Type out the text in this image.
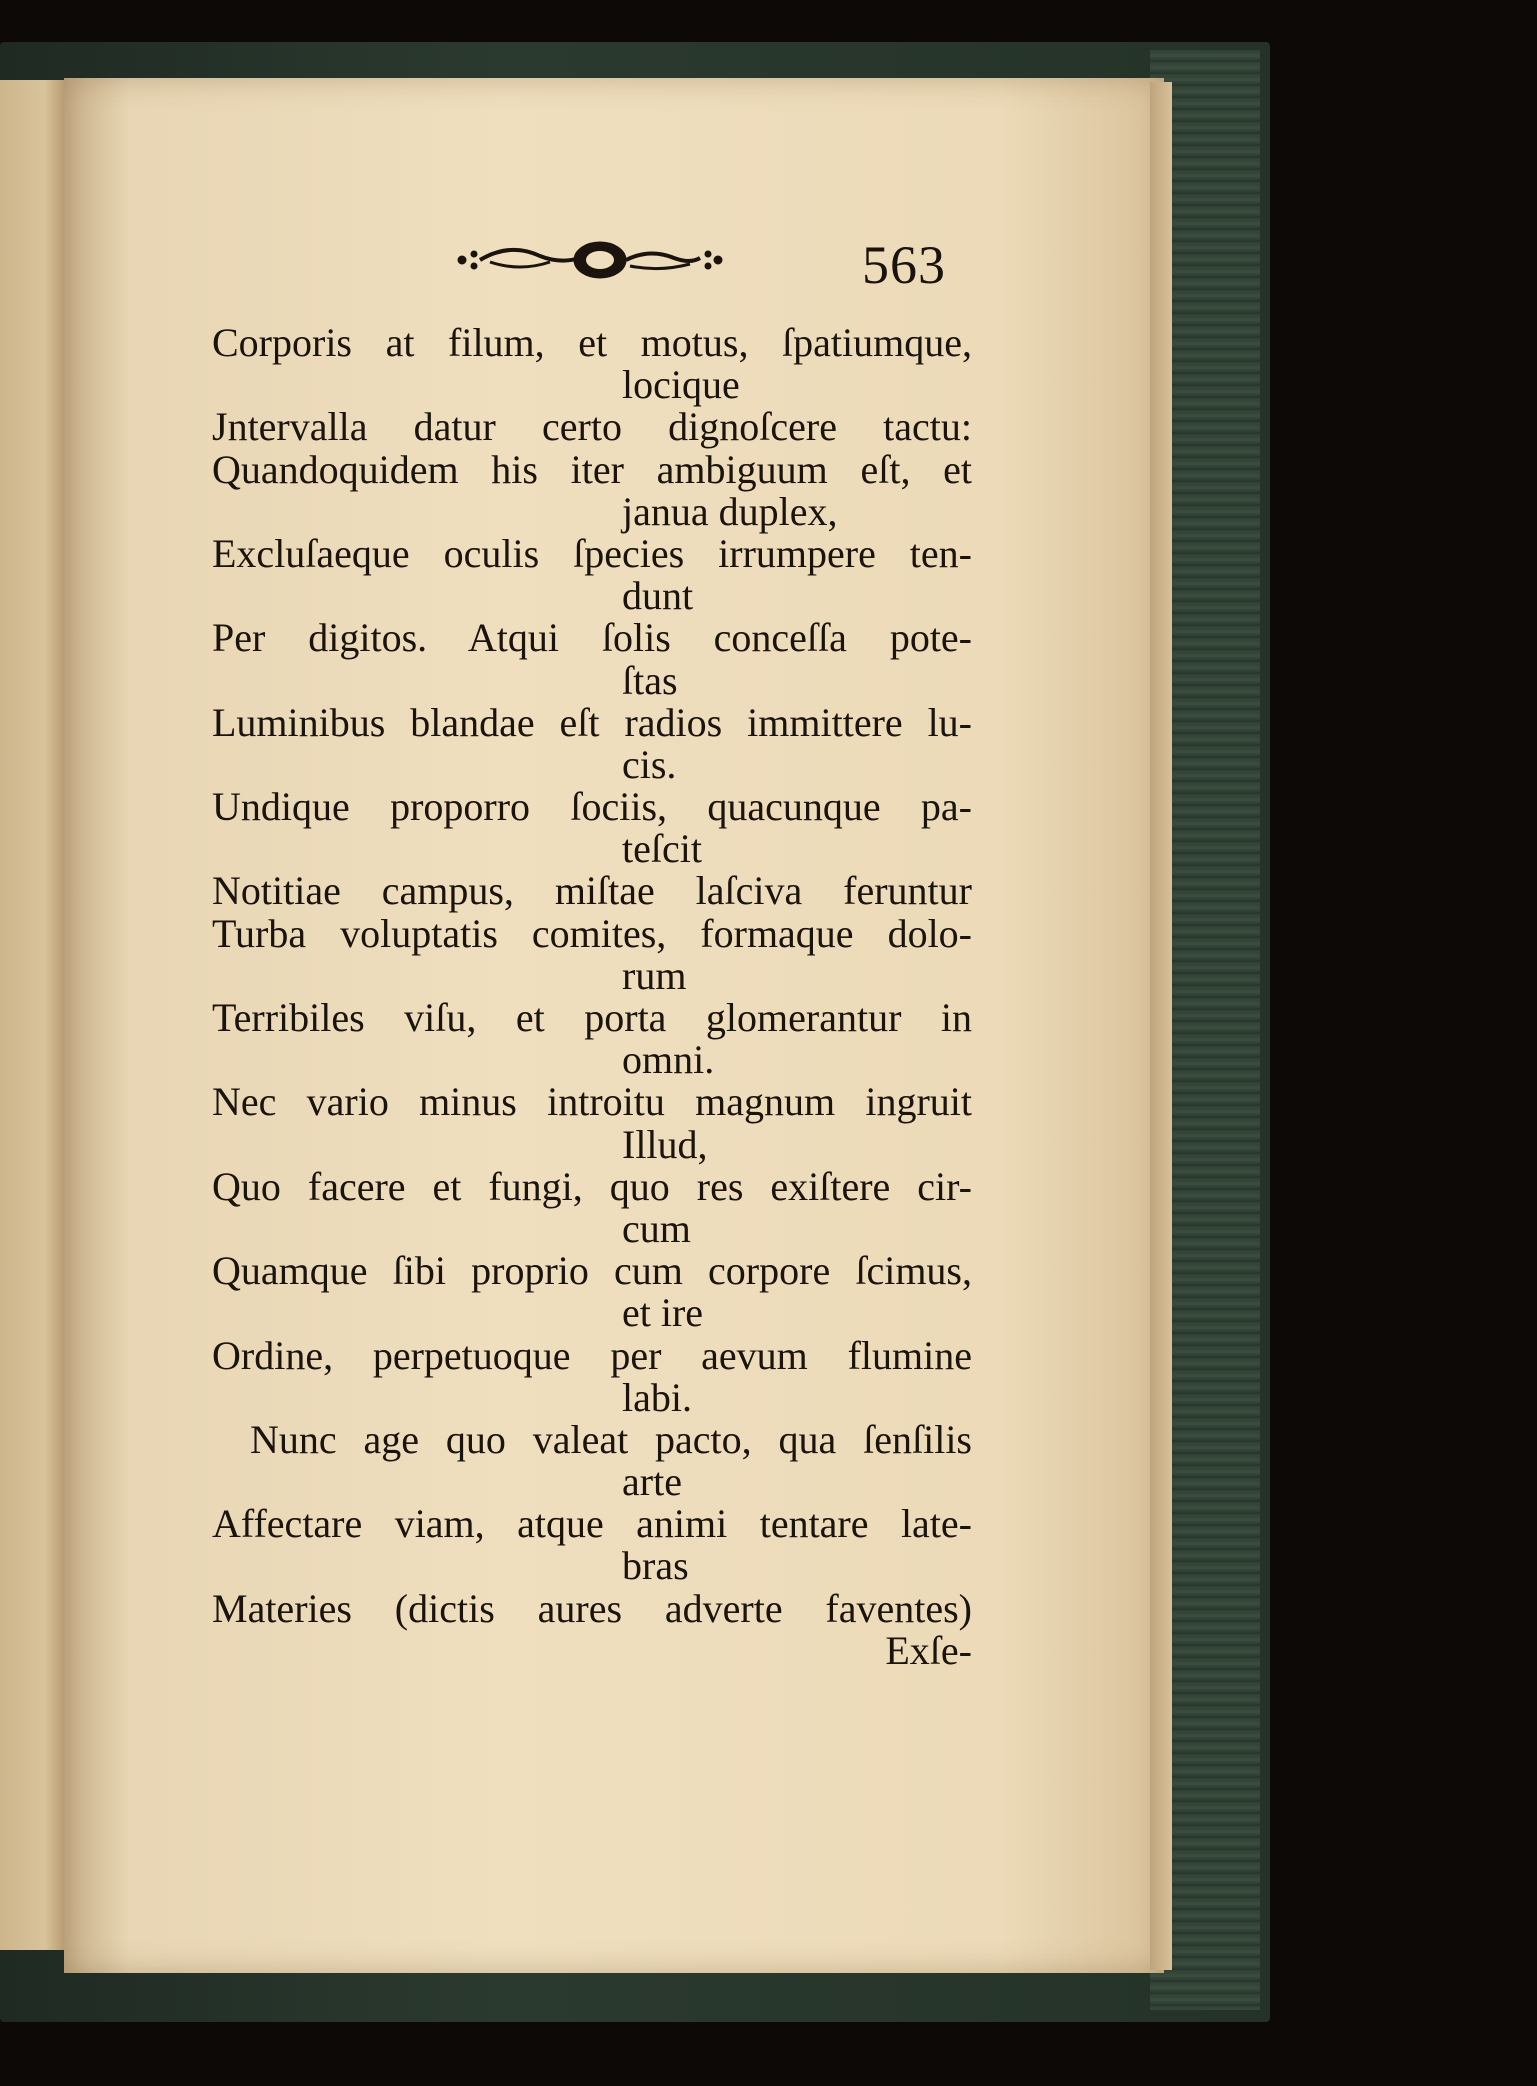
563
Corporis at filum, et motus, ſpatiumque,
locique
Jntervalla datur certo dignoſcere tactu:
Quandoquidem his iter ambiguum eſt, et
janua duplex,
Excluſaeque oculis ſpecies irrumpere ten-
dunt
Per digitos. Atqui ſolis conceſſa pote-
ſtas
Luminibus blandae eſt radios immittere lu-
cis.
Undique proporro ſociis, quacunque pa-
teſcit
Notitiae campus, miſtae laſciva feruntur
Turba voluptatis comites, formaque dolo-
rum
Terribiles viſu, et porta glomerantur in
omni.
Nec vario minus introitu magnum ingruit
Illud,
Quo facere et fungi, quo res exiſtere cir-
cum
Quamque ſibi proprio cum corpore ſcimus,
et ire
Ordine, perpetuoque per aevum flumine
labi.
Nunc age quo valeat pacto, qua ſenſilis
arte
Affectare viam, atque animi tentare late-
bras
Materies (dictis aures adverte faventes)
Exſe-
